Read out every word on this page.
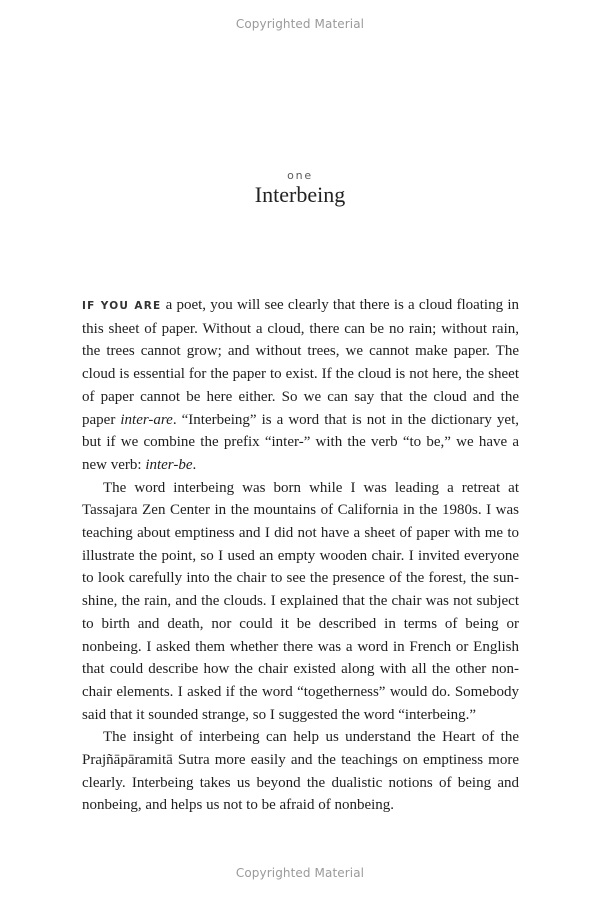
Copyrighted Material
one
Interbeing

IF YOU ARE a poet, you will see clearly that there is a cloud floating in this sheet of paper. Without a cloud, there can be no rain; without rain, the trees cannot grow; and without trees, we cannot make paper. The cloud is essential for the paper to exist. If the cloud is not here, the sheet of paper cannot be here either. So we can say that the cloud and the paper inter-are. “Interbeing” is a word that is not in the dictionary yet, but if we combine the prefix “inter-” with the verb “to be,” we have a new verb: inter-be.

The word interbeing was born while I was leading a retreat at Tassajara Zen Center in the mountains of California in the 1980s. I was teaching about emptiness and I did not have a sheet of paper with me to illustrate the point, so I used an empty wooden chair. I invited everyone to look carefully into the chair to see the presence of the forest, the sunshine, the rain, and the clouds. I explained that the chair was not subject to birth and death, nor could it be described in terms of being or nonbeing. I asked them whether there was a word in French or English that could describe how the chair existed along with all the other nonchair elements. I asked if the word “togetherness” would do. Somebody said that it sounded strange, so I suggested the word “interbeing.”

The insight of interbeing can help us understand the Heart of the Prajñāpāramitā Sutra more easily and the teachings on emptiness more clearly. Interbeing takes us beyond the dualistic notions of being and nonbeing, and helps us not to be afraid of nonbeing.

Copyrighted Material
